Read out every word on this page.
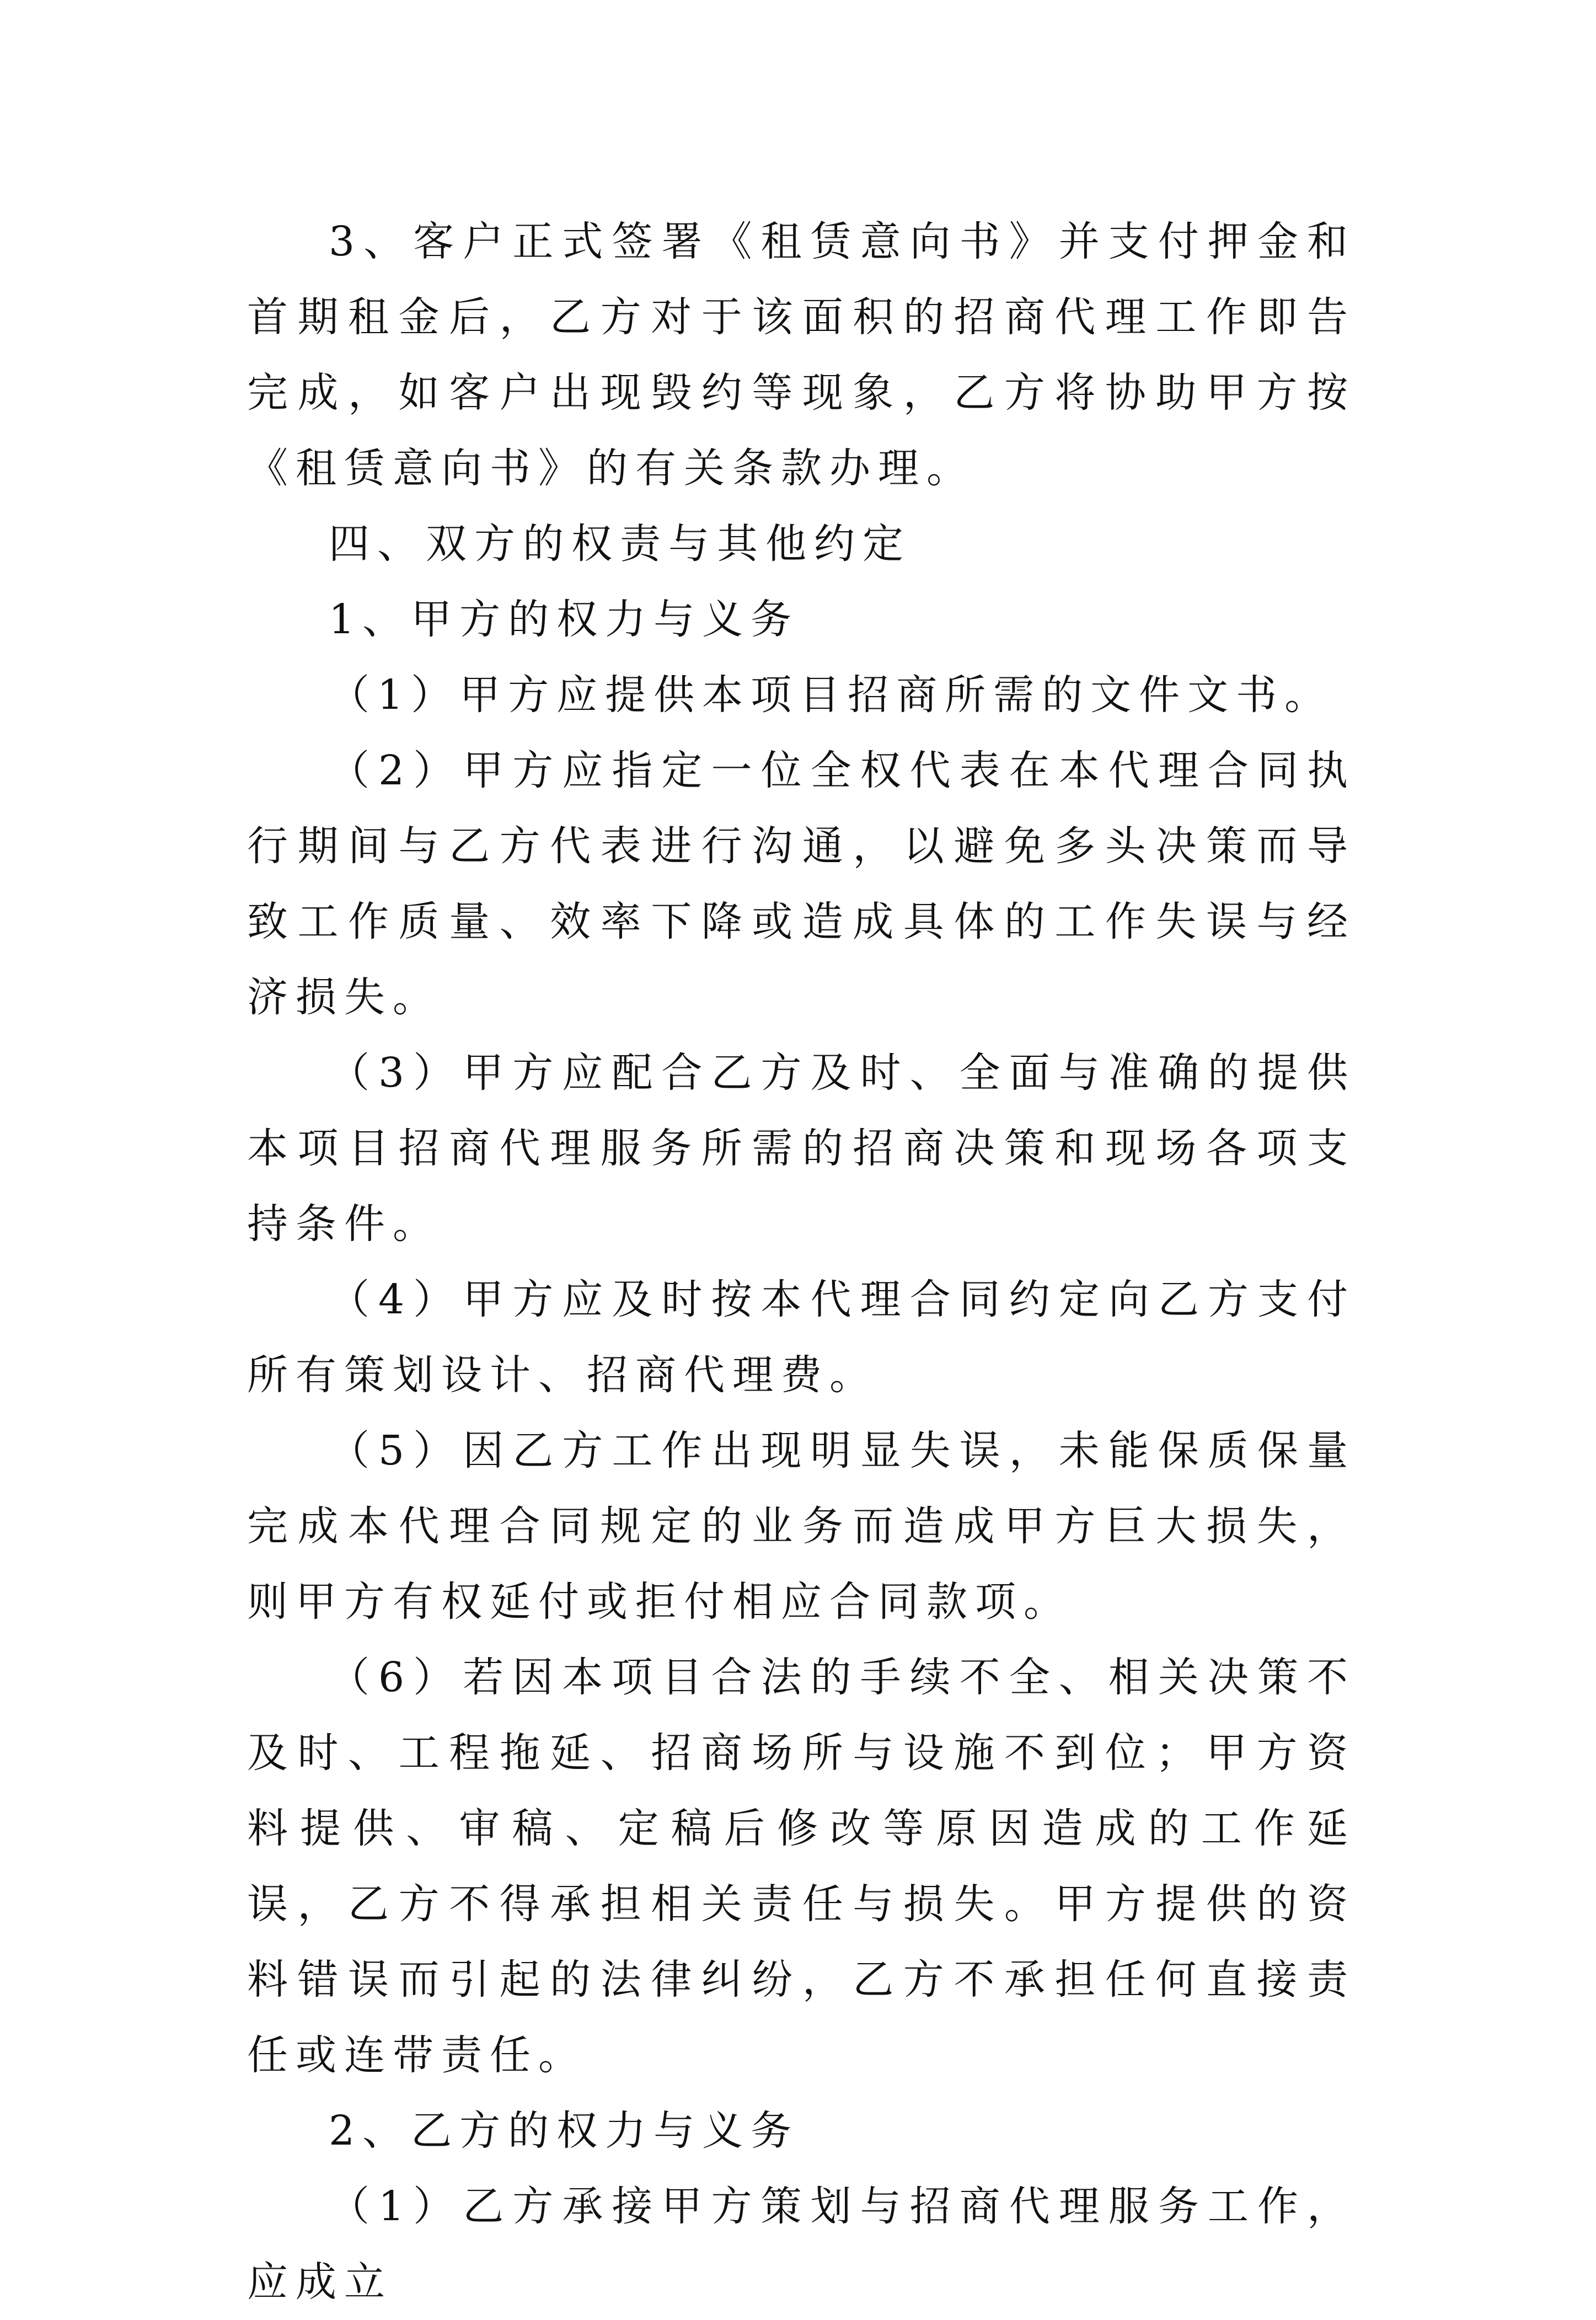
3、客户正式签署《租赁意向书》并支付押金和首期租金后，乙方对于该面积的招商代理工作即告完成，如客户出现毁约等现象，乙方将协助甲方按《租赁意向书》的有关条款办理。

四、双方的权责与其他约定

1、甲方的权力与义务

（1）甲方应提供本项目招商所需的文件文书。

（2）甲方应指定一位全权代表在本代理合同执行期间与乙方代表进行沟通，以避免多头决策而导致工作质量、效率下降或造成具体的工作失误与经济损失。

（3）甲方应配合乙方及时、全面与准确的提供本项目招商代理服务所需的招商决策和现场各项支持条件。

（4）甲方应及时按本代理合同约定向乙方支付所有策划设计、招商代理费。

（5）因乙方工作出现明显失误，未能保质保量完成本代理合同规定的业务而造成甲方巨大损失，则甲方有权延付或拒付相应合同款项。

（6）若因本项目合法的手续不全、相关决策不及时、工程拖延、招商场所与设施不到位；甲方资料提供、审稿、定稿后修改等原因造成的工作延误，乙方不得承担相关责任与损失。甲方提供的资料错误而引起的法律纠纷，乙方不承担任何直接责任或连带责任。

2、乙方的权力与义务

（1）乙方承接甲方策划与招商代理服务工作，应成立
